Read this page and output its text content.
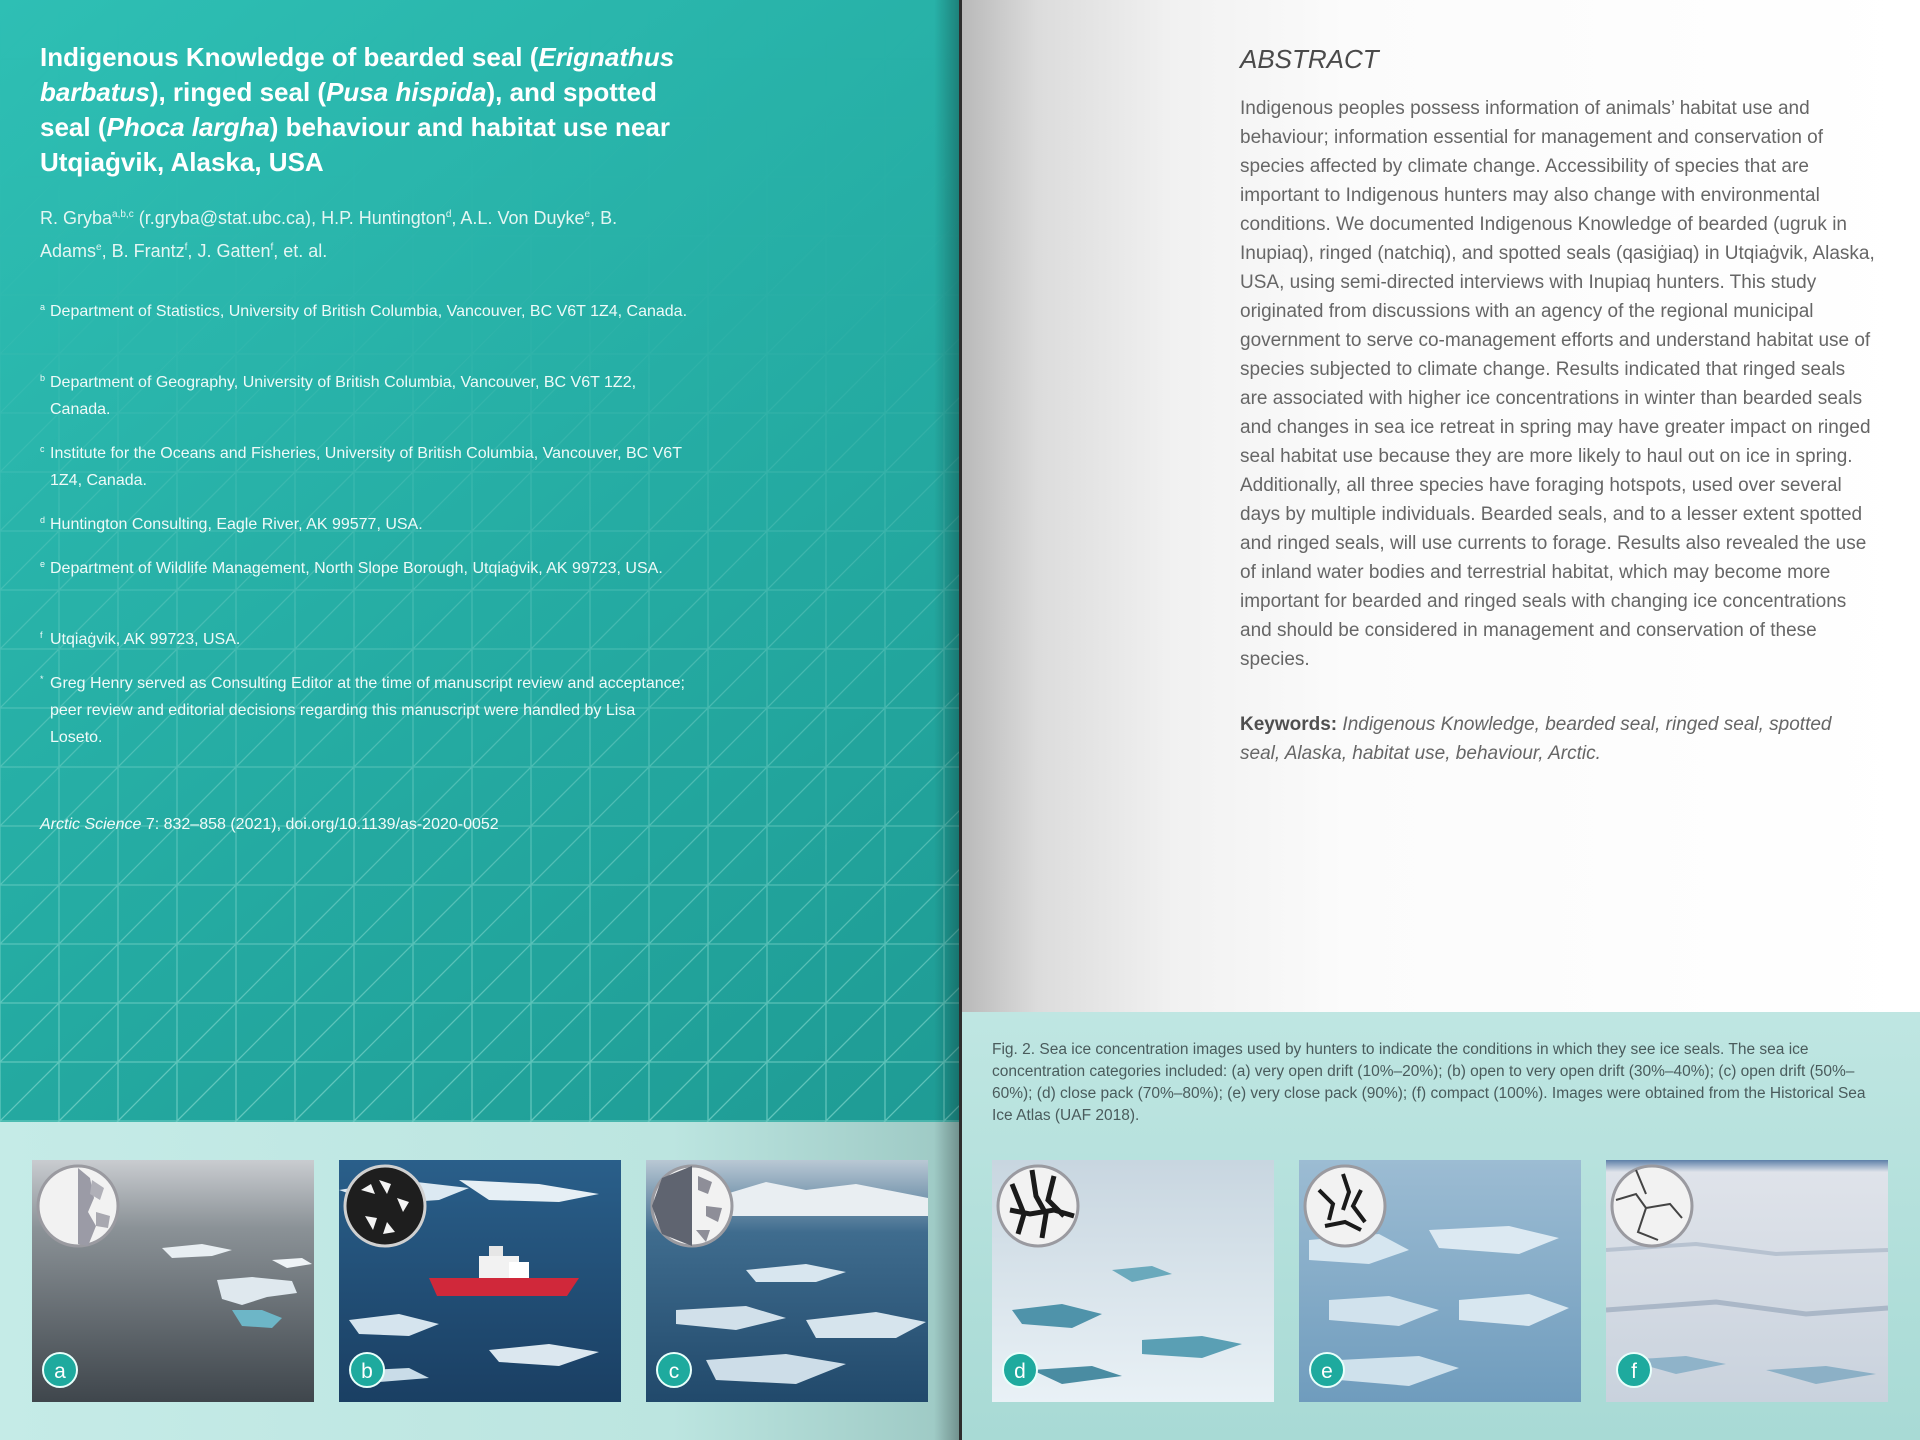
Indigenous Knowledge of bearded seal (Erignathus barbatus), ringed seal (Pusa hispida), and spotted seal (Phoca largha) behaviour and habitat use near Utqiaġvik, Alaska, USA

R. Gryba$^{a,b,c}$ (r.gryba@stat.ubc.ca), H.P. Huntington$^d$, A.L. Von Duyke$^e$, B. Adams$^e$, B. Frantz$^f$, J. Gatten$^f$, et. al.

a Department of Statistics, University of British Columbia, Vancouver, BC V6T 1Z4, Canada.

b Department of Geography, University of British Columbia, Vancouver, BC V6T 1Z2, Canada.

c Institute for the Oceans and Fisheries, University of British Columbia, Vancouver, BC V6T 1Z4, Canada.

d Huntington Consulting, Eagle River, AK 99577, USA.

e Department of Wildlife Management, North Slope Borough, Utqiaġvik, AK 99723, USA.

f Utqiaġvik, AK 99723, USA.

* Greg Henry served as Consulting Editor at the time of manuscript review and acceptance; peer review and editorial decisions regarding this manuscript were handled by Lisa Loseto.

Arctic Science 7: 832–858 (2021), doi.org/10.1139/as-2020-0052

ABSTRACT

Indigenous peoples possess information of animals’ habitat use and behaviour; information essential for management and conservation of species affected by climate change. Accessibility of species that are important to Indigenous hunters may also change with environmental conditions. We documented Indigenous Knowledge of bearded (ugruk in Inupiaq), ringed (natchiq), and spotted seals (qasiġiaq) in Utqiaġvik, Alaska, USA, using semi-directed interviews with Inupiaq hunters. This study originated from discussions with an agency of the regional municipal government to serve co-management efforts and understand habitat use of species subjected to climate change. Results indicated that ringed seals are associated with higher ice concentrations in winter than bearded seals and changes in sea ice retreat in spring may have greater impact on ringed seal habitat use because they are more likely to haul out on ice in spring. Additionally, all three species have foraging hotspots, used over several days by multiple individuals. Bearded seals, and to a lesser extent spotted and ringed seals, will use currents to forage. Results also revealed the use of inland water bodies and terrestrial habitat, which may become more important for bearded and ringed seals with changing ice concentrations and should be considered in management and conservation of these species.

Keywords: Indigenous Knowledge, bearded seal, ringed seal, spotted seal, Alaska, habitat use, behaviour, Arctic.

Fig. 2. Sea ice concentration images used by hunters to indicate the conditions in which they see ice seals. The sea ice concentration categories included: (a) very open drift (10%–20%); (b) open to very open drift (30%–40%); (c) open drift (50%–60%); (d) close pack (70%–80%); (e) very close pack (90%); (f) compact (100%). Images were obtained from the Historical Sea Ice Atlas (UAF 2018).

a	b	c	d	e	f
